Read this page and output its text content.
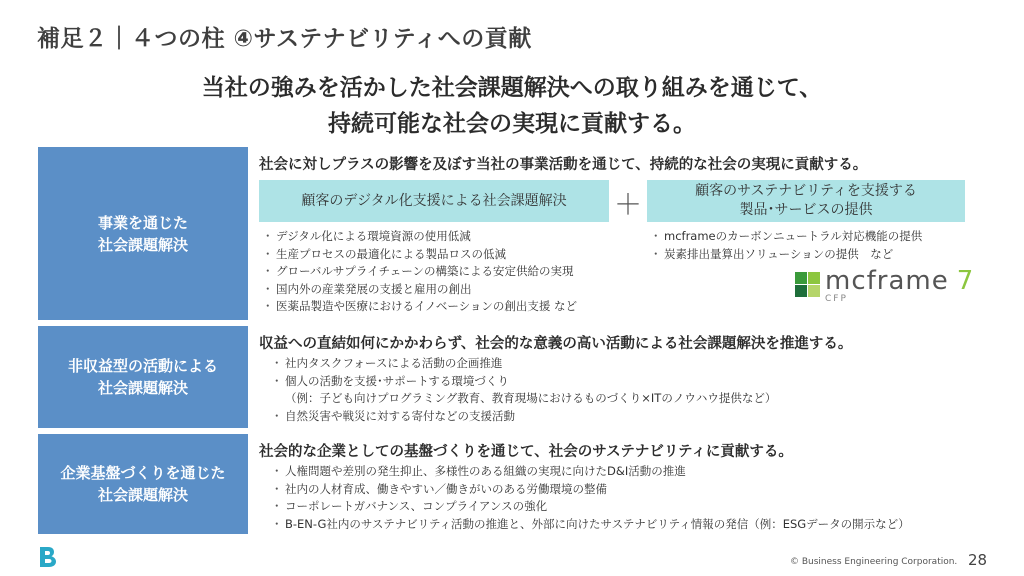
補足２｜４つの柱 ④サステナビリティへの貢献
当社の強みを活かした社会課題解決への取り組みを通じて、
持続可能な社会の実現に貢献する。
事業を通じた
社会課題解決
社会に対しプラスの影響を及ぼす当社の事業活動を通じて、持続的な社会の実現に貢献する。
顧客のデジタル化支援による社会課題解決 ＋	顧客のサステナビリティを支援する
製品･サービスの提供
・ デジタル化による環境資源の使用低減
・ 生産プロセスの最適化による製品ロスの低減
・ グローバルサプライチェーンの構築による安定供給の実現
・ 国内外の産業発展の支援と雇用の創出
・ 医薬品製造や医療におけるイノベーションの創出支援 など
・ mcframeのカーボンニュートラル対応機能の提供
・ 炭素排出量算出ソリューションの提供　など
mcframe 7
CFP
非収益型の活動による
社会課題解決
収益への直結如何にかかわらず、社会的な意義の高い活動による社会課題解決を推進する。
・ 社内タスクフォースによる活動の企画推進
・ 個人の活動を支援･サポートする環境づくり
（例：子ども向けプログラミング教育、教育現場におけるものづくり×ITのノウハウ提供など）
・ 自然災害や戦災に対する寄付などの支援活動
企業基盤づくりを通じた
社会課題解決
社会的な企業としての基盤づくりを通じて、社会のサステナビリティに貢献する。
・ 人権問題や差別の発生抑止、多様性のある組織の実現に向けたD&I活動の推進
・ 社内の人材育成、働きやすい／働きがいのある労働環境の整備
・ コーポレートガバナンス、コンプライアンスの強化
・ B-EN-G社内のサステナビリティ活動の推進と、外部に向けたサステナビリティ情報の発信（例：ESGデータの開示など）
© Business Engineering Corporation. 28
